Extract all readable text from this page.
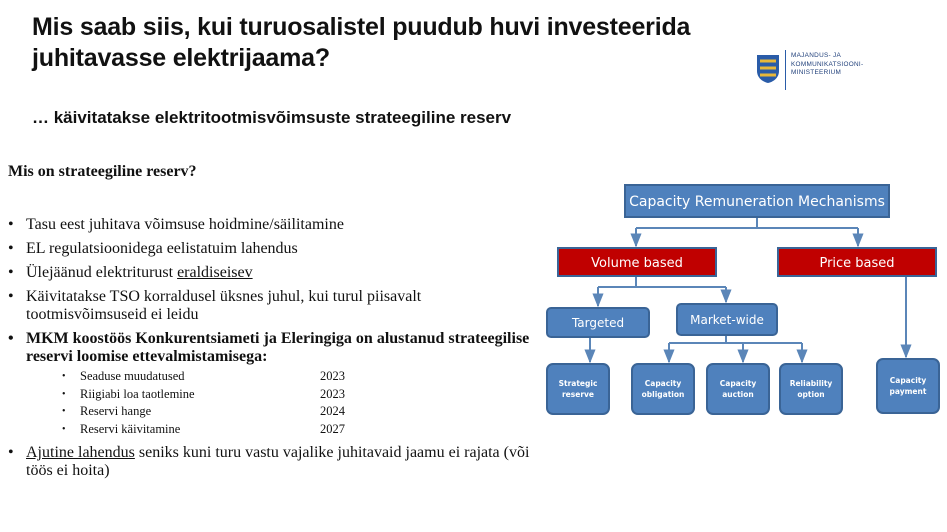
Mis saab siis, kui turuosalistel puudub huvi investeerida juhitavasse elektrijaama?	MAJANDUS- JA
KOMMUNIKATSIOONI-
MINISTEERIUM
… käivitatakse elektritootmisvõimsuste strateegiline reserv
Mis on strateegiline reserv?
• Tasu eest juhitava võimsuse hoidmine/säilitamine
• EL regulatsioonidega eelistatuim lahendus
• Ülejäänud elektriturust eraldiseisev
• Käivitatakse TSO korraldusel üksnes juhul, kui turul piisavalt tootmisvõimsuseid ei leidu
• MKM koostöös Konkurentsiameti ja Eleringiga on alustanud strateegilise reservi loomise ettevalmistamisega:
• Seaduse muudatused	2023
• Riigiabi loa taotlemine	2023
• Reservi hange	2024
• Reservi käivitamine	2027
• Ajutine lahendus seniks kuni turu vastu vajalike juhitavaid jaamu ei rajata (või töös ei hoita)
Capacity Remuneration Mechanisms
Volume based	Price based
Targeted	Market-wide
Strategic
reserve
Capacity
obligation
Capacity
auction
Reliability
option
Capacity
payment
